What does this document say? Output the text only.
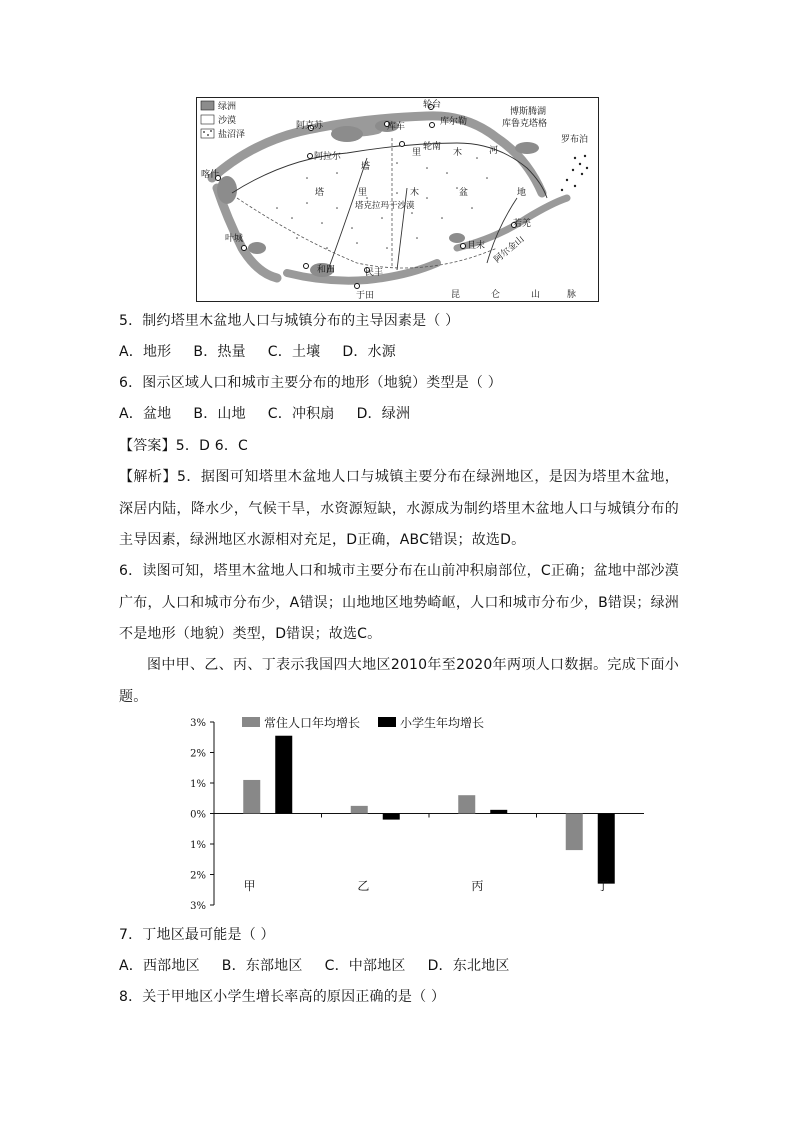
绿洲
沙漠
盐沼泽
轮台
博斯腾湖
阿克苏	库车	库尔勒	库鲁克塔格
阿拉尔
塔
里
轮南
木	河
罗布泊
喀什
塔	里	木	盆	地
塔克拉玛干沙漠
若羌
叶城
且末
和田	民丰
于田	昆	仑	山	脉
阿尔金山
5．制约塔里木盆地人口与城镇分布的主导因素是（ ）
A．地形 B．热量 C．土壤 D．水源
6．图示区域人口和城市主要分布的地形（地貌）类型是（ ）
A．盆地 B．山地 C．冲积扇 D．绿洲
【答案】5．D 6．C
【解析】5．据图可知塔里木盆地人口与城镇主要分布在绿洲地区，是因为塔里木盆地，深居内陆，降水少，气候干旱，水资源短缺，水源成为制约塔里木盆地人口与城镇分布的主导因素，绿洲地区水源相对充足，D正确，ABC错误；故选D。
6．读图可知，塔里木盆地人口和城市主要分布在山前冲积扇部位，C正确；盆地中部沙漠广布，人口和城市分布少，A错误；山地地区地势崎岖，人口和城市分布少，B错误；绿洲不是地形（地貌）类型，D错误；故选C。
图中甲、乙、丙、丁表示我国四大地区2010年至2020年两项人口数据。完成下面小题。
常住人口年均增长	小学生年均增长
3%
2%
1%
0%
1%
2%
3%
甲	乙	丙	丁
7．丁地区最可能是（ ）
A．西部地区 B．东部地区 C．中部地区 D．东北地区
8．关于甲地区小学生增长率高的原因正确的是（ ）
